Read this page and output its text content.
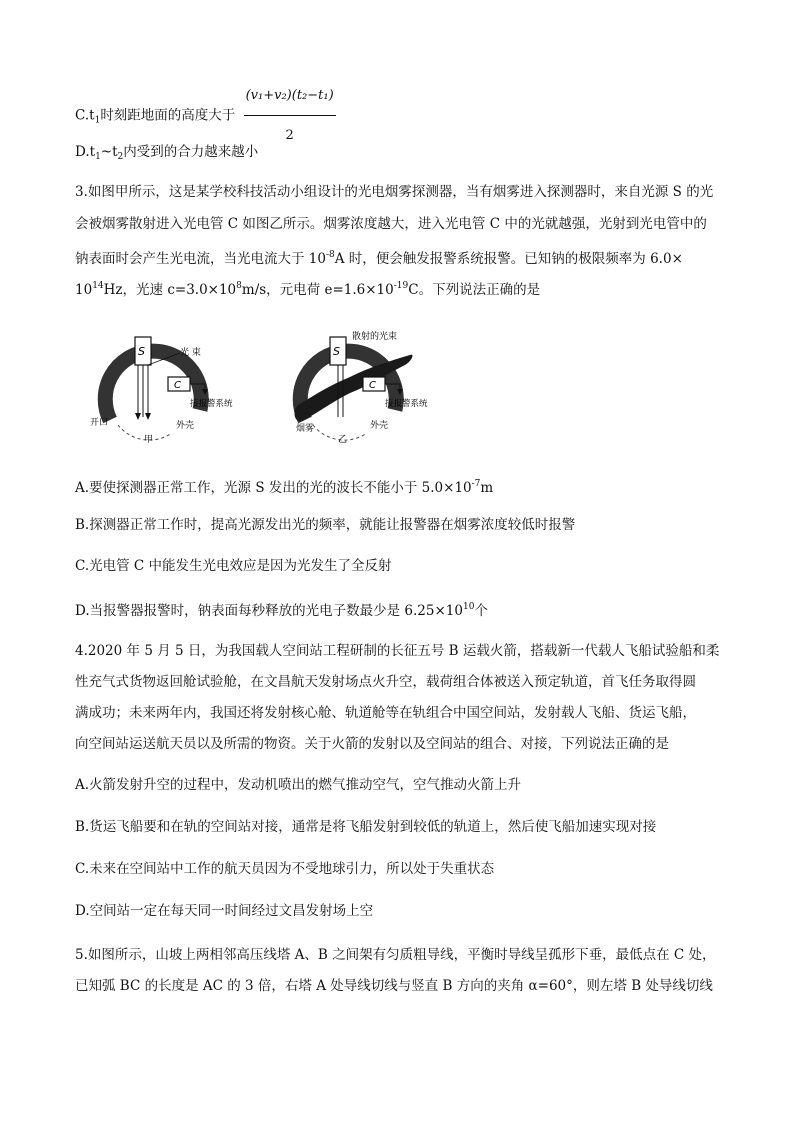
$C.t_1$时刻距地面的高度大于 $\frac{\text{(v₁+v₂)(t₂−t₁)}}{2}$
$D.t_1\sim t_2$内受到的合力越来越小
3.如图甲所示，这是某学校科技活动小组设计的光电烟雾探测器，当有烟雾进入探测器时，来自光源 S 的光
会被烟雾散射进入光电管 C 如图乙所示。烟雾浓度越大，进入光电管 C 中的光就越强，光射到光电管中的
钠表面时会产生光电流，当光电流大于 $10^{-8}A$ 时，便会触发报警系统报警。已知钠的极限频率为 6.0×
$10^{14}Hz$，光速 $c=3.0\times 10^8m/s$，元电荷 $e=1.6\times 10^{-19}C$。下列说法正确的是
S	光 束
C
接报警系统
开口
甲
外壳
S
散射的光束
C
接报警系统
烟雾
乙
外壳
A.要使探测器正常工作，光源 S 发出的光的波长不能小于 $5.0\times 10^{-7}m$
B.探测器正常工作时，提高光源发出光的频率，就能让报警器在烟雾浓度较低时报警
C.光电管 C 中能发生光电效应是因为光发生了全反射
D.当报警器报警时，钠表面每秒释放的光电子数最少是 $6.25\times 10^{10}$个
4.2020 年 5 月 5 日，为我国载人空间站工程研制的长征五号 B 运载火箭，搭载新一代载人飞船试验船和柔
性充气式货物返回舱试验舱，在文昌航天发射场点火升空，载荷组合体被送入预定轨道，首飞任务取得圆
满成功；未来两年内，我国还将发射核心舱、轨道舱等在轨组合中国空间站，发射载人飞船、货运飞船，
向空间站运送航天员以及所需的物资。关于火箭的发射以及空间站的组合、对接，下列说法正确的是
A.火箭发射升空的过程中，发动机喷出的燃气推动空气，空气推动火箭上升
B.货运飞船要和在轨的空间站对接，通常是将飞船发射到较低的轨道上，然后使飞船加速实现对接
C.未来在空间站中工作的航天员因为不受地球引力，所以处于失重状态
D.空间站一定在每天同一时间经过文昌发射场上空
5.如图所示，山坡上两相邻高压线塔 A、B 之间架有匀质粗导线，平衡时导线呈孤形下垂，最低点在 C 处，
已知弧 BC 的长度是 AC 的 3 倍，右塔 A 处导线切线与竖直 B 方向的夹角 α=60°，则左塔 B 处导线切线
